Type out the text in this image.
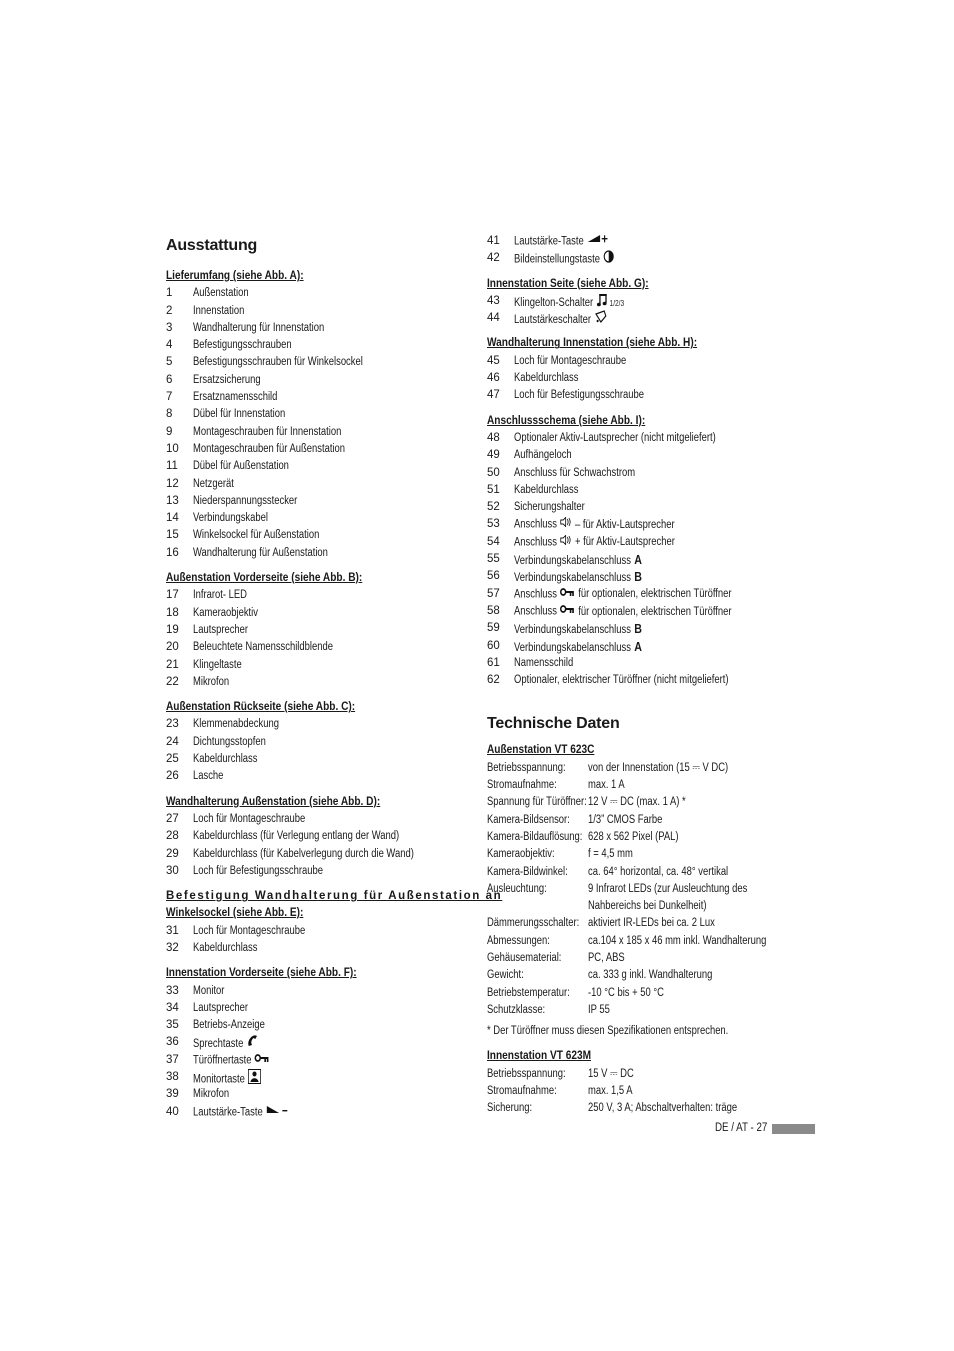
Ausstattung
Lieferumfang (siehe Abb. A):
1	Außenstation
2	Innenstation
3	Wandhalterung für Innenstation
4	Befestigungsschrauben
5	Befestigungsschrauben für Winkelsockel
6	Ersatzsicherung
7	Ersatznamensschild
8	Dübel für Innenstation
9	Montageschrauben für Innenstation
10	Montageschrauben für Außenstation
11	Dübel für Außenstation
12	Netzgerät
13	Niederspannungsstecker
14	Verbindungskabel
15	Winkelsockel für Außenstation
16	Wandhalterung für Außenstation
Außenstation Vorderseite (siehe Abb. B):
17	Infrarot- LED
18	Kameraobjektiv
19	Lautsprecher
20	Beleuchtete Namensschildblende
21	Klingeltaste
22	Mikrofon
Außenstation Rückseite (siehe Abb. C):
23	Klemmenabdeckung
24	Dichtungsstopfen
25	Kabeldurchlass
26	Lasche
Wandhalterung Außenstation (siehe Abb. D):
27	Loch für Montageschraube
28	Kabeldurchlass (für Verlegung entlang der Wand)
29	Kabeldurchlass (für Kabelverlegung durch die Wand)
30	Loch für Befestigungsschraube
Befestigung Wandhalterung für Außenstation an
Winkelsockel (siehe Abb. E):
31	Loch für Montageschraube
32	Kabeldurchlass
Innenstation Vorderseite (siehe Abb. F):
33	Monitor
34	Lautsprecher
35	Betriebs-Anzeige
36	Sprechtaste
37	Türöffnertaste
38	Monitortaste
39	Mikrofon
40	Lautstärke-Taste
41	Lautstärke-Taste
42	Bildeinstellungstaste
Innenstation Seite (siehe Abb. G):
43	Klingelton-Schalter 1/2/3
44	Lautstärkeschalter
Wandhalterung Innenstation (siehe Abb. H):
45	Loch für Montageschraube
46	Kabeldurchlass
47	Loch für Befestigungsschraube
Anschlussschema (siehe Abb. I):
48	Optionaler Aktiv-Lautsprecher (nicht mitgeliefert)
49	Aufhängeloch
50	Anschluss für Schwachstrom
51	Kabeldurchlass
52	Sicherungshalter
53	Anschluss – für Aktiv-Lautsprecher
54	Anschluss + für Aktiv-Lautsprecher
55	Verbindungskabelanschluss A
56	Verbindungskabelanschluss B
57	Anschluss für optionalen, elektrischen Türöffner
58	Anschluss für optionalen, elektrischen Türöffner
59	Verbindungskabelanschluss B
60	Verbindungskabelanschluss A
61	Namensschild
62	Optionaler, elektrischer Türöffner (nicht mitgeliefert)
Technische Daten
Außenstation VT 623C
Betriebsspannung: von der Innenstation (15 ⎓ V DC)
Stromaufnahme:	max. 1 A
Spannung für Türöffner: 12 V ⎓ DC (max. 1 A) *
Kamera-Bildsensor: 1/3” CMOS Farbe
Kamera-Bildauflösung: 628 x 562 Pixel (PAL)
Kameraobjektiv:	f = 4,5 mm
Kamera-Bildwinkel: ca. 64° horizontal, ca. 48° vertikal
Ausleuchtung:	9 Infrarot LEDs (zur Ausleuchtung des Nahbereichs bei Dunkelheit)
Dämmerungsschalter: aktiviert IR-LEDs bei ca. 2 Lux
Abmessungen:	ca.104 x 185 x 46 mm inkl. Wandhalterung
Gehäusematerial: PC, ABS
Gewicht:	ca. 333 g inkl. Wandhalterung
Betriebstemperatur: -10 °C bis + 50 °C
Schutzklasse:	IP 55
* Der Türöffner muss diesen Spezifikationen entsprechen.
Innenstation VT 623M
Betriebsspannung: 15 V ⎓ DC
Stromaufnahme:	max. 1,5 A
Sicherung:	250 V, 3 A; Abschaltverhalten: träge
DE / AT - 27
